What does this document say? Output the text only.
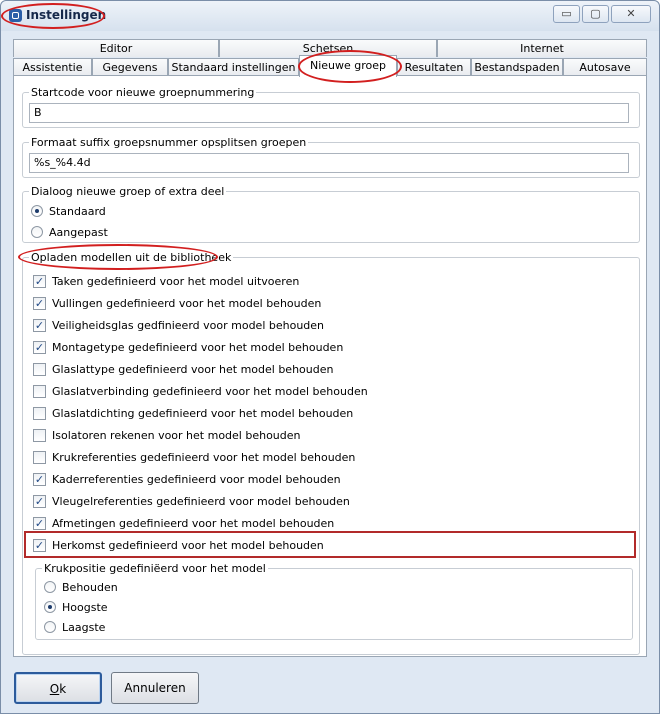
Instellingen	▭	▢	✕
Editor	Schetsen	Internet
Assistentie	Gegevens	Standaard instellingen	Nieuwe groep	Resultaten Bestandspaden	Autosave
Startcode voor nieuwe groepnummering
B
Formaat suffix groepsnummer opsplitsen groepen
%s_%4.4d
Dialoog nieuwe groep of extra deel
Standaard
Aangepast
Opladen modellen uit de bibliotheek
✓ Taken gedefinieerd voor het model uitvoeren
✓ Vullingen gedefinieerd voor het model behouden
✓ Veiligheidsglas gedfinieerd voor model behouden
✓ Montagetype gedefinieerd voor het model behouden
Glaslattype gedefinieerd voor het model behouden
Glaslatverbinding gedefinieerd voor het model behouden
Glaslatdichting gedefinieerd voor het model behouden
Isolatoren rekenen voor het model behouden
Krukreferenties gedefinieerd voor het model behouden
✓ Kaderreferenties gedefinieerd voor model behouden
✓ Vleugelreferenties gedefinieerd voor model behouden
✓ Afmetingen gedefinieerd voor het model behouden
✓ Herkomst gedefinieerd voor het model behouden
Krukpositie gedefiniëerd voor het model
Behouden
Hoogste
Laagste
Ok	Annuleren
